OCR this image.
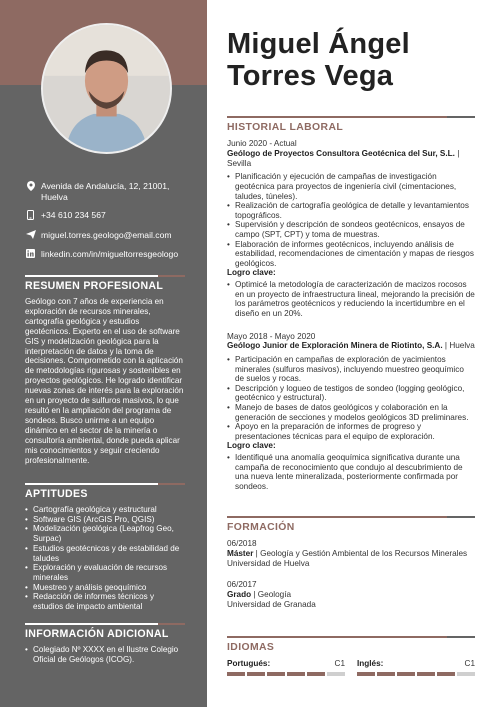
Avenida de Andalucía, 12, 21001, Huelva
+34 610 234 567
miguel.torres.geologo@email.com
linkedin.com/in/migueltorresgeologo
RESUMEN PROFESIONAL
Geólogo con 7 años de experiencia en exploración de recursos minerales, cartografía geológica y estudios geotécnicos. Experto en el uso de software GIS y modelización geológica para la interpretación de datos y la toma de decisiones. Comprometido con la aplicación de metodologías rigurosas y sostenibles en proyectos geológicos. He logrado identificar nuevas zonas de interés para la exploración en un proyecto de sulfuros masivos, lo que resultó en la ampliación del programa de sondeos. Busco unirme a un equipo dinámico en el sector de la minería o consultoría ambiental, donde pueda aplicar mis conocimientos y seguir creciendo profesionalmente.
APTITUDES
• Cartografía geológica y estructural
• Software GIS (ArcGIS Pro, QGIS)
• Modelización geológica (Leapfrog Geo, Surpac)
• Estudios geotécnicos y de estabilidad de taludes
• Exploración y evaluación de recursos minerales
• Muestreo y análisis geoquímico
• Redacción de informes técnicos y estudios de impacto ambiental
INFORMACIÓN ADICIONAL
• Colegiado Nº XXXX en el Ilustre Colegio Oficial de Geólogos (ICOG).
Miguel Ángel
Torres Vega
HISTORIAL LABORAL
Junio 2020 - Actual
Geólogo de Proyectos Consultora Geotécnica del Sur, S.L. | Sevilla
• Planificación y ejecución de campañas de investigación geotécnica para proyectos de ingeniería civil (cimentaciones, taludes, túneles).
• Realización de cartografía geológica de detalle y levantamientos topográficos.
• Supervisión y descripción de sondeos geotécnicos, ensayos de campo (SPT, CPT) y toma de muestras.
• Elaboración de informes geotécnicos, incluyendo análisis de estabilidad, recomendaciones de cimentación y mapas de riesgos geológicos.
Logro clave:
• Optimicé la metodología de caracterización de macizos rocosos en un proyecto de infraestructura lineal, mejorando la precisión de los parámetros geotécnicos y reduciendo la incertidumbre en el diseño en un 20%.
Mayo 2018 - Mayo 2020
Geólogo Junior de Exploración Minera de Riotinto, S.A. | Huelva
• Participación en campañas de exploración de yacimientos minerales (sulfuros masivos), incluyendo muestreo geoquímico de suelos y rocas.
• Descripción y logueo de testigos de sondeo (logging geológico, geotécnico y estructural).
• Manejo de bases de datos geológicos y colaboración en la generación de secciones y modelos geológicos 3D preliminares.
• Apoyo en la preparación de informes de progreso y presentaciones técnicas para el equipo de exploración.
Logro clave:
• Identifiqué una anomalía geoquímica significativa durante una campaña de reconocimiento que condujo al descubrimiento de una nueva lente mineralizada, posteriormente confirmada por sondeos.
FORMACIÓN
06/2018
Máster | Geología y Gestión Ambiental de los Recursos Minerales
Universidad de Huelva
06/2017
Grado | Geología
Universidad de Granada
IDIOMAS
Portugués:	C1 Inglés:	C1
